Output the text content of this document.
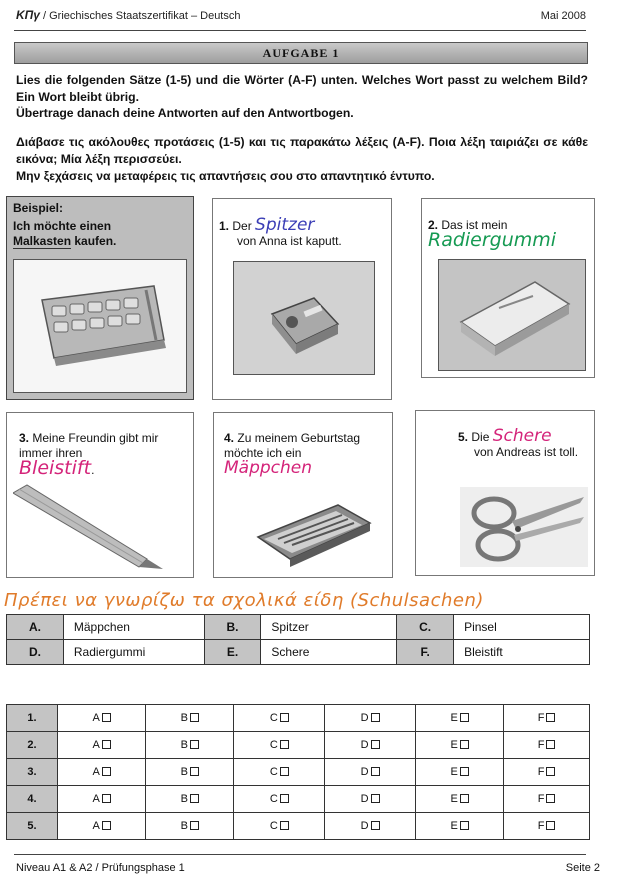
ΚΠγ / Griechisches Staatszertifikat – Deutsch	Mai 2008
AUFGABE 1
Lies die folgenden Sätze (1-5) und die Wörter (A-F) unten. Welches Wort passt zu welchem Bild? Ein Wort bleibt übrig.
Übertrage danach deine Antworten auf den Antwortbogen.
Διάβασε τις ακόλουθες προτάσεις (1-5) και τις παρακάτω λέξεις (A-F). Ποια λέξη ταιριάζει σε κάθε εικόνα; Μία λέξη περισσεύει.
Μην ξεχάσεις να μεταφέρεις τις απαντήσεις σου στο απαντητικό έντυπο.
Beispiel:
Ich möchte einen
Malkasten kaufen.
1. Der Spitzer
von Anna ist kaputt.
2. Das ist mein
Radiergummi
3. Meine Freundin gibt mir immer ihren
Bleistift.
4. Zu meinem Geburtstag möchte ich ein Mäppchen
5. Die Schere
von Andreas ist toll.
Πρέπει να γνωρίζω τα σχολικά είδη (Schulsachen)
A.	Mäppchen	B.	Spitzer	C.	Pinsel
D.	Radiergummi	E.	Schere	F.	Bleistift
1.	A	B	C	D	E	F
2.	A	B	C	D	E	F
3.	A	B	C	D	E	F
4.	A	B	C	D	E	F
5.	A	B	C	D	E	F
Niveau A1 & A2 / Prüfungsphase 1	Seite 2
